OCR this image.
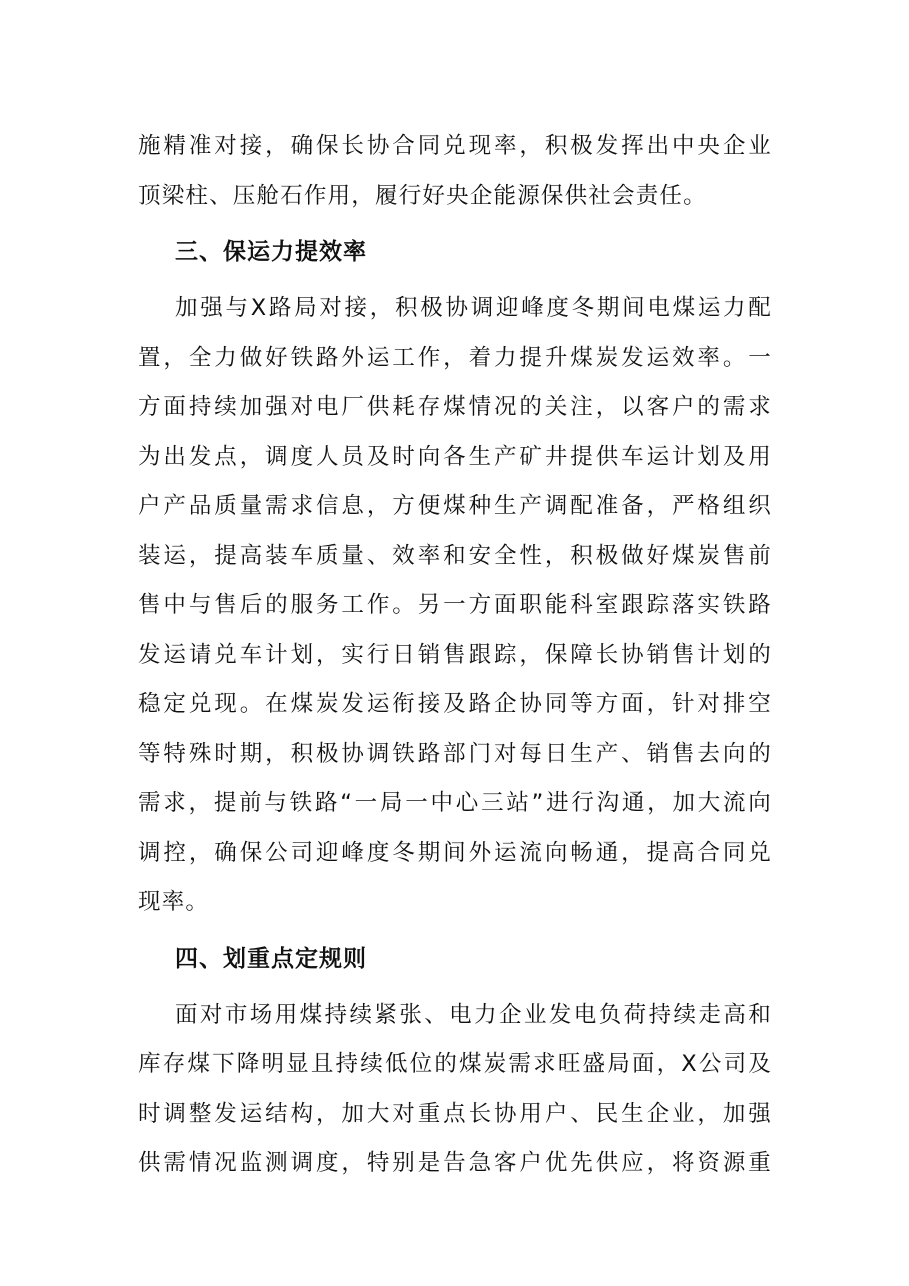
施精准对接，确保长协合同兑现率，积极发挥出中央企业
顶梁柱、压舱石作用，履行好央企能源保供社会责任。
三、保运力提效率
加强与X路局对接，积极协调迎峰度冬期间电煤运力配
置，全力做好铁路外运工作，着力提升煤炭发运效率。一
方面持续加强对电厂供耗存煤情况的关注，以客户的需求
为出发点，调度人员及时向各生产矿井提供车运计划及用
户产品质量需求信息，方便煤种生产调配准备，严格组织
装运，提高装车质量、效率和安全性，积极做好煤炭售前
售中与售后的服务工作。另一方面职能科室跟踪落实铁路
发运请兑车计划，实行日销售跟踪，保障长协销售计划的
稳定兑现。在煤炭发运衔接及路企协同等方面，针对排空
等特殊时期，积极协调铁路部门对每日生产、销售去向的
需求，提前与铁路“一局一中心三站”进行沟通，加大流向
调控，确保公司迎峰度冬期间外运流向畅通，提高合同兑
现率。
四、划重点定规则
面对市场用煤持续紧张、电力企业发电负荷持续走高和
库存煤下降明显且持续低位的煤炭需求旺盛局面，X公司及
时调整发运结构，加大对重点长协用户、民生企业，加强
供需情况监测调度，特别是告急客户优先供应，将资源重
